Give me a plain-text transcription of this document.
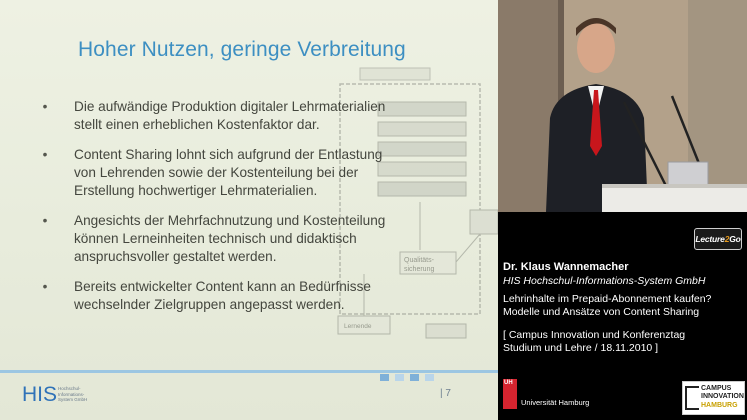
Hoher Nutzen, geringe Verbreitung
Qualitäts-
sicherung
Lernende
• Die aufwändige Produktion digitaler Lehrmaterialien
stellt einen erheblichen Kostenfaktor dar.
• Content Sharing lohnt sich aufgrund der Entlastung
von Lehrenden sowie der Kostenteilung bei der
Erstellung hochwertiger Lehrmaterialien.
• Angesichts der Mehrfachnutzung und Kostenteilung
können Lerneinheiten technisch und didaktisch
anspruchsvoller gestaltet werden.
• Bereits entwickelter Content kann an Bedürfnisse
wechselnder Zielgruppen angepasst werden.
HIS Hochschul-
Informations-
System GmbH
| 7
Lecture 2 Go
Dr. Klaus Wannemacher
HIS Hochschul-Informations-System GmbH
Lehrinhalte im Prepaid-Abonnement kaufen?
Modelle und Ansätze von Content Sharing
[ Campus Innovation und Konferenztag
Studium und Lehre / 18.11.2010 ]
UH
Universität Hamburg
CAMPUS
INNOVATION
HAMBURG
